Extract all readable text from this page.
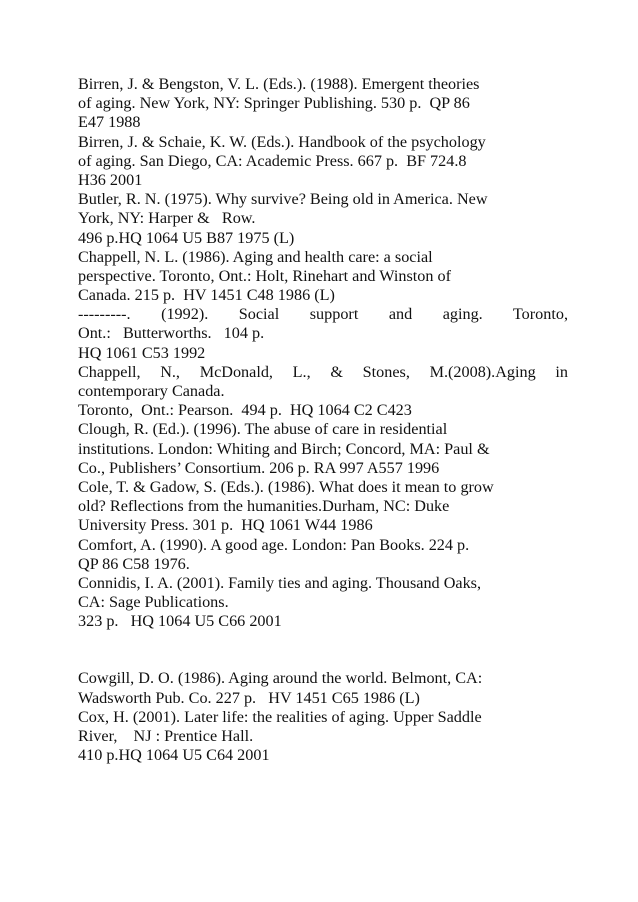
Birren, J. & Bengston, V. L. (Eds.). (1988). Emergent theories
of aging. New York, NY: Springer Publishing. 530 p.  QP 86
E47 1988
Birren, J. & Schaie, K. W. (Eds.). Handbook of the psychology
of aging. San Diego, CA: Academic Press. 667 p.  BF 724.8
H36 2001
Butler, R. N. (1975). Why survive? Being old in America. New
York, NY: Harper &   Row.
496 p.HQ 1064 U5 B87 1975 (L)
Chappell, N. L. (1986). Aging and health care: a social
perspective. Toronto, Ont.: Holt, Rinehart and Winston of
Canada. 215 p.  HV 1451 C48 1986 (L)
---------. (1992). Social support and aging. Toronto,
Ont.:   Butterworths.   104 p.
HQ 1061 C53 1992
Chappell, N., McDonald, L., & Stones, M.(2008).Aging in
contemporary Canada.
Toronto,  Ont.: Pearson.  494 p.  HQ 1064 C2 C423
Clough, R. (Ed.). (1996). The abuse of care in residential
institutions. London: Whiting and Birch; Concord, MA: Paul &
Co., Publishers’ Consortium. 206 p. RA 997 A557 1996
Cole, T. & Gadow, S. (Eds.). (1986). What does it mean to grow
old? Reflections from the humanities.Durham, NC: Duke
University Press. 301 p.  HQ 1061 W44 1986
Comfort, A. (1990). A good age. London: Pan Books. 224 p.
QP 86 C58 1976.
Connidis, I. A. (2001). Family ties and aging. Thousand Oaks,
CA: Sage Publications.
323 p.   HQ 1064 U5 C66 2001
Cowgill, D. O. (1986). Aging around the world. Belmont, CA:
Wadsworth Pub. Co. 227 p.   HV 1451 C65 1986 (L)
Cox, H. (2001). Later life: the realities of aging. Upper Saddle
River,    NJ : Prentice Hall.
410 p.HQ 1064 U5 C64 2001
